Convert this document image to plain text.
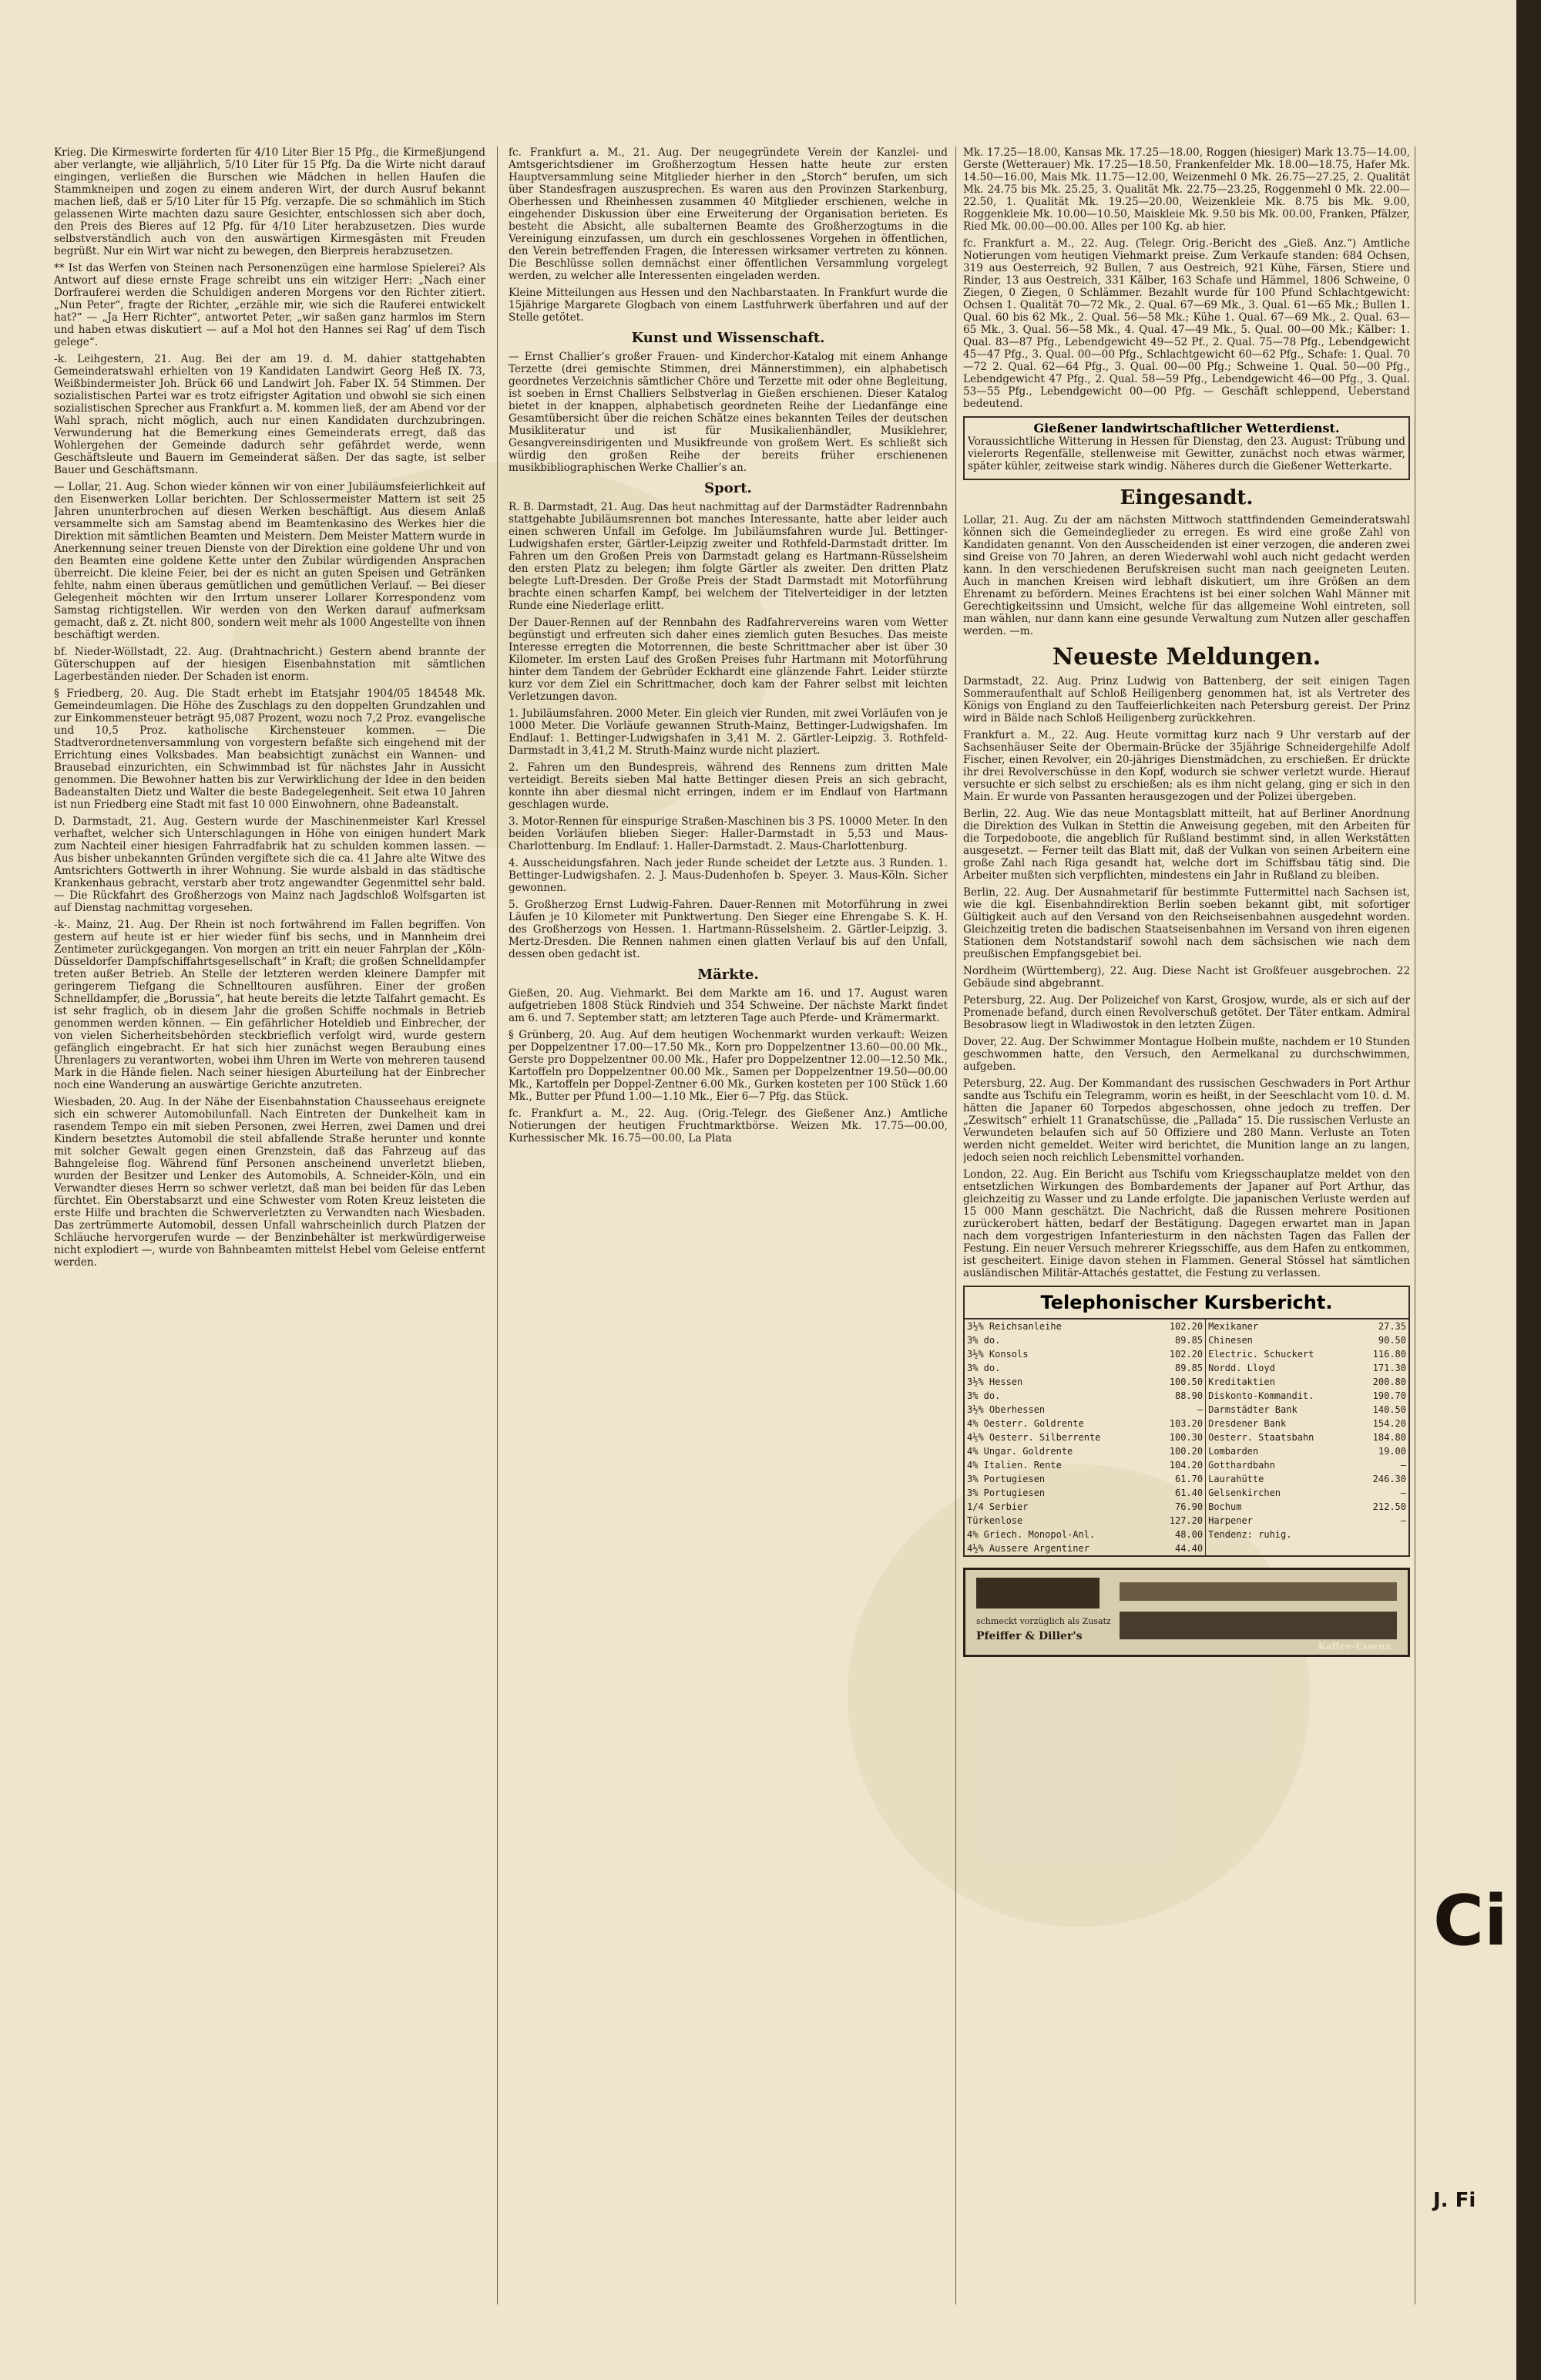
Krieg. Die Kirmeswirte forderten für 4/10 Liter Bier 15 Pfg., die Kirmeßjungend aber verlangte, wie alljährlich, 5/10 Liter für 15 Pfg. Da die Wirte nicht darauf eingingen, verließen die Burschen wie Mädchen in hellen Haufen die Stammkneipen und zogen zu einem anderen Wirt, der durch Ausruf bekannt machen ließ, daß er 5/10 Liter für 15 Pfg. verzapfe. Die so schmählich im Stich gelassenen Wirte machten dazu saure Gesichter, entschlossen sich aber doch, den Preis des Bieres auf 12 Pfg. für 4/10 Liter herabzusetzen. Dies wurde selbstverständlich auch von den auswärtigen Kirmesgästen mit Freuden begrüßt. Nur ein Wirt war nicht zu bewegen, den Bierpreis herabzusetzen.

** Ist das Werfen von Steinen nach Personenzügen eine harmlose Spielerei? Als Antwort auf diese ernste Frage schreibt uns ein witziger Herr: „Nach einer Dorfrauferei werden die Schuldigen anderen Morgens vor den Richter zitiert. „Nun Peter“, fragte der Richter, „erzähle mir, wie sich die Rauferei entwickelt hat?“ — „Ja Herr Richter“, antwortet Peter, „wir saßen ganz harmlos im Stern und haben etwas diskutiert — auf a Mol hot den Hannes sei Rag’ uf dem Tisch gelege“.

-k. Leihgestern, 21. Aug. Bei der am 19. d. M. dahier stattgehabten Gemeinderatswahl erhielten von 19 Kandidaten Landwirt Georg Heß IX. 73, Weißbindermeister Joh. Brück 66 und Landwirt Joh. Faber IX. 54 Stimmen. Der sozialistischen Partei war es trotz eifrigster Agitation und obwohl sie sich einen sozialistischen Sprecher aus Frankfurt a. M. kommen ließ, der am Abend vor der Wahl sprach, nicht möglich, auch nur einen Kandidaten durchzubringen. Verwunderung hat die Bemerkung eines Gemeinderats erregt, daß das Wohlergehen der Gemeinde dadurch sehr gefährdet werde, wenn Geschäftsleute und Bauern im Gemeinderat säßen. Der das sagte, ist selber Bauer und Geschäftsmann.

— Lollar, 21. Aug. Schon wieder können wir von einer Jubiläumsfeierlichkeit auf den Eisenwerken Lollar berichten. Der Schlossermeister Mattern ist seit 25 Jahren ununterbrochen auf diesen Werken beschäftigt. Aus diesem Anlaß versammelte sich am Samstag abend im Beamtenkasino des Werkes hier die Direktion mit sämtlichen Beamten und Meistern. Dem Meister Mattern wurde in Anerkennung seiner treuen Dienste von der Direktion eine goldene Uhr und von den Beamten eine goldene Kette unter den Zubilar würdigenden Ansprachen überreicht. Die kleine Feier, bei der es nicht an guten Speisen und Getränken fehlte, nahm einen überaus gemütlichen und gemütlichen Verlauf. — Bei dieser Gelegenheit möchten wir den Irrtum unserer Lollarer Korrespondenz vom Samstag richtigstellen. Wir werden von den Werken darauf aufmerksam gemacht, daß z. Zt. nicht 800, sondern weit mehr als 1000 Angestellte von ihnen beschäftigt werden.

bf. Nieder-Wöllstadt, 22. Aug. (Drahtnachricht.) Gestern abend brannte der Güterschuppen auf der hiesigen Eisenbahnstation mit sämtlichen Lagerbeständen nieder. Der Schaden ist enorm.

§ Friedberg, 20. Aug. Die Stadt erhebt im Etatsjahr 1904/05 184548 Mk. Gemeindeumlagen. Die Höhe des Zuschlags zu den doppelten Grundzahlen und zur Einkommensteuer beträgt 95,087 Prozent, wozu noch 7,2 Proz. evangelische und 10,5 Proz. katholische Kirchensteuer kommen. — Die Stadtverordnetenversammlung von vorgestern befaßte sich eingehend mit der Errichtung eines Volksbades. Man beabsichtigt zunächst ein Wannen- und Brausebad einzurichten, ein Schwimmbad ist für nächstes Jahr in Aussicht genommen. Die Bewohner hatten bis zur Verwirklichung der Idee in den beiden Badeanstalten Dietz und Walter die beste Badegelegenheit. Seit etwa 10 Jahren ist nun Friedberg eine Stadt mit fast 10 000 Einwohnern, ohne Badeanstalt.

D. Darmstadt, 21. Aug. Gestern wurde der Maschinenmeister Karl Kressel verhaftet, welcher sich Unterschlagungen in Höhe von einigen hundert Mark zum Nachteil einer hiesigen Fahrradfabrik hat zu schulden kommen lassen. — Aus bisher unbekannten Gründen vergiftete sich die ca. 41 Jahre alte Witwe des Amtsrichters Gottwerth in ihrer Wohnung. Sie wurde alsbald in das städtische Krankenhaus gebracht, verstarb aber trotz angewandter Gegenmittel sehr bald. — Die Rückfahrt des Großherzogs von Mainz nach Jagdschloß Wolfsgarten ist auf Dienstag nachmittag vorgesehen.

-k-. Mainz, 21. Aug. Der Rhein ist noch fortwährend im Fallen begriffen. Von gestern auf heute ist er hier wieder fünf bis sechs, und in Mannheim drei Zentimeter zurückgegangen. Von morgen an tritt ein neuer Fahrplan der „Köln-Düsseldorfer Dampfschiffahrtsgesellschaft“ in Kraft; die großen Schnelldampfer treten außer Betrieb. An Stelle der letzteren werden kleinere Dampfer mit geringerem Tiefgang die Schnelltouren ausführen. Einer der großen Schnelldampfer, die „Borussia“, hat heute bereits die letzte Talfahrt gemacht. Es ist sehr fraglich, ob in diesem Jahr die großen Schiffe nochmals in Betrieb genommen werden können. — Ein gefährlicher Hoteldieb und Einbrecher, der von vielen Sicherheitsbehörden steckbrieflich verfolgt wird, wurde gestern gefänglich eingebracht. Er hat sich hier zunächst wegen Beraubung eines Uhrenlagers zu verantworten, wobei ihm Uhren im Werte von mehreren tausend Mark in die Hände fielen. Nach seiner hiesigen Aburteilung hat der Einbrecher noch eine Wanderung an auswärtige Gerichte anzutreten.

Wiesbaden, 20. Aug. In der Nähe der Eisenbahnstation Chausseehaus ereignete sich ein schwerer Automobilunfall. Nach Eintreten der Dunkelheit kam in rasendem Tempo ein mit sieben Personen, zwei Herren, zwei Damen und drei Kindern besetztes Automobil die steil abfallende Straße herunter und konnte mit solcher Gewalt gegen einen Grenzstein, daß das Fahrzeug auf das Bahngeleise flog. Während fünf Personen anscheinend unverletzt blieben, wurden der Besitzer und Lenker des Automobils, A. Schneider-Köln, und ein Verwandter dieses Herrn so schwer verletzt, daß man bei beiden für das Leben fürchtet. Ein Oberstabsarzt und eine Schwester vom Roten Kreuz leisteten die erste Hilfe und brachten die Schwerverletzten zu Verwandten nach Wiesbaden. Das zertrümmerte Automobil, dessen Unfall wahrscheinlich durch Platzen der Schläuche hervorgerufen wurde — der Benzinbehälter ist merkwürdigerweise nicht explodiert —, wurde von Bahnbeamten mittelst Hebel vom Geleise entfernt werden.

fc. Frankfurt a. M., 21. Aug. Der neugegründete Verein der Kanzlei- und Amtsgerichtsdiener im Großherzogtum Hessen hatte heute zur ersten Hauptversammlung seine Mitglieder hierher in den „Storch“ berufen, um sich über Standesfragen auszusprechen. Es waren aus den Provinzen Starkenburg, Oberhessen und Rheinhessen zusammen 40 Mitglieder erschienen, welche in eingehender Diskussion über eine Erweiterung der Organisation berieten. Es besteht die Absicht, alle subalternen Beamte des Großherzogtums in die Vereinigung einzufassen, um durch ein geschlossenes Vorgehen in öffentlichen, den Verein betreffenden Fragen, die Interessen wirksamer vertreten zu können. Die Beschlüsse sollen demnächst einer öffentlichen Versammlung vorgelegt werden, zu welcher alle Interessenten eingeladen werden.

Kleine Mitteilungen aus Hessen und den Nachbarstaaten. In Frankfurt wurde die 15jährige Margarete Glogbach von einem Lastfuhrwerk überfahren und auf der Stelle getötet.

Kunst und Wissenschaft.

— Ernst Challier’s großer Frauen- und Kinderchor-Katalog mit einem Anhange Terzette (drei gemischte Stimmen, drei Männerstimmen), ein alphabetisch geordnetes Verzeichnis sämtlicher Chöre und Terzette mit oder ohne Begleitung, ist soeben in Ernst Challiers Selbstverlag in Gießen erschienen. Dieser Katalog bietet in der knappen, alphabetisch geordneten Reihe der Liedanfänge eine Gesamtübersicht über die reichen Schätze eines bekannten Teiles der deutschen Musikliteratur und ist für Musikalienhändler, Musiklehrer, Gesangvereinsdirigenten und Musikfreunde von großem Wert. Es schließt sich würdig den großen Reihe der bereits früher erschienenen musikbibliographischen Werke Challier’s an.

Sport.

R. B. Darmstadt, 21. Aug. Das heut nachmittag auf der Darmstädter Radrennbahn stattgehabte Jubiläumsrennen bot manches Interessante, hatte aber leider auch einen schweren Unfall im Gefolge. Im Jubiläumsfahren wurde Jul. Bettinger-Ludwigshafen erster, Gärtler-Leipzig zweiter und Rothfeld-Darmstadt dritter. Im Fahren um den Großen Preis von Darmstadt gelang es Hartmann-Rüsselsheim den ersten Platz zu belegen; ihm folgte Gärtler als zweiter. Den dritten Platz belegte Luft-Dresden. Der Große Preis der Stadt Darmstadt mit Motorführung brachte einen scharfen Kampf, bei welchem der Titelverteidiger in der letzten Runde eine Niederlage erlitt.

Der Dauer-Rennen auf der Rennbahn des Radfahrervereins waren vom Wetter begünstigt und erfreuten sich daher eines ziemlich guten Besuches. Das meiste Interesse erregten die Motorrennen, die beste Schrittmacher aber ist über 30 Kilometer. Im ersten Lauf des Großen Preises fuhr Hartmann mit Motorführung hinter dem Tandem der Gebrüder Eckhardt eine glänzende Fahrt. Leider stürzte kurz vor dem Ziel ein Schrittmacher, doch kam der Fahrer selbst mit leichten Verletzungen davon.

1. Jubiläumsfahren. 2000 Meter. Ein gleich vier Runden, mit zwei Vorläufen von je 1000 Meter. Die Vorläufe gewannen Struth-Mainz, Bettinger-Ludwigshafen. Im Endlauf: 1. Bettinger-Ludwigshafen in 3,41 M. 2. Gärtler-Leipzig. 3. Rothfeld-Darmstadt in 3,41,2 M. Struth-Mainz wurde nicht plaziert.

2. Fahren um den Bundespreis, während des Rennens zum dritten Male verteidigt. Bereits sieben Mal hatte Bettinger diesen Preis an sich gebracht, konnte ihn aber diesmal nicht erringen, indem er im Endlauf von Hartmann geschlagen wurde.

3. Motor-Rennen für einspurige Straßen-Maschinen bis 3 PS. 10000 Meter. In den beiden Vorläufen blieben Sieger: Haller-Darmstadt in 5,53 und Maus-Charlottenburg. Im Endlauf: 1. Haller-Darmstadt. 2. Maus-Charlottenburg.

4. Ausscheidungsfahren. Nach jeder Runde scheidet der Letzte aus. 3 Runden. 1. Bettinger-Ludwigshafen. 2. J. Maus-Dudenhofen b. Speyer. 3. Maus-Köln. Sicher gewonnen.

5. Großherzog Ernst Ludwig-Fahren. Dauer-Rennen mit Motorführung in zwei Läufen je 10 Kilometer mit Punktwertung. Den Sieger eine Ehrengabe S. K. H. des Großherzogs von Hessen. 1. Hartmann-Rüsselsheim. 2. Gärtler-Leipzig. 3. Mertz-Dresden. Die Rennen nahmen einen glatten Verlauf bis auf den Unfall, dessen oben gedacht ist.

Märkte.

Gießen, 20. Aug. Viehmarkt. Bei dem Markte am 16. und 17. August waren aufgetrieben 1808 Stück Rindvieh und 354 Schweine. Der nächste Markt findet am 6. und 7. September statt; am letzteren Tage auch Pferde- und Krämermarkt.

§ Grünberg, 20. Aug. Auf dem heutigen Wochenmarkt wurden verkauft: Weizen per Doppelzentner 17.00—17.50 Mk., Korn pro Doppelzentner 13.60—00.00 Mk., Gerste pro Doppelzentner 00.00 Mk., Hafer pro Doppelzentner 12.00—12.50 Mk., Kartoffeln pro Doppelzentner 00.00 Mk., Samen per Doppelzentner 19.50—00.00 Mk., Kartoffeln per Doppel-Zentner 6.00 Mk., Gurken kosteten per 100 Stück 1.60 Mk., Butter per Pfund 1.00—1.10 Mk., Eier 6—7 Pfg. das Stück.

fc. Frankfurt a. M., 22. Aug. (Orig.-Telegr. des Gießener Anz.) Amtliche Notierungen der heutigen Fruchtmarktbörse. Weizen Mk. 17.75—00.00, Kurhessischer Mk. 16.75—00.00, La Plata

Mk. 17.25—18.00, Kansas Mk. 17.25—18.00, Roggen (hiesiger) Mark 13.75—14.00, Gerste (Wetterauer) Mk. 17.25—18.50, Frankenfelder Mk. 18.00—18.75, Hafer Mk. 14.50—16.00, Mais Mk. 11.75—12.00, Weizenmehl 0 Mk. 26.75—27.25, 2. Qualität Mk. 24.75 bis Mk. 25.25, 3. Qualität Mk. 22.75—23.25, Roggenmehl 0 Mk. 22.00—22.50, 1. Qualität Mk. 19.25—20.00, Weizenkleie Mk. 8.75 bis Mk. 9.00, Roggenkleie Mk. 10.00—10.50, Maiskleie Mk. 9.50 bis Mk. 00.00, Franken, Pfälzer, Ried Mk. 00.00—00.00. Alles per 100 Kg. ab hier.

fc. Frankfurt a. M., 22. Aug. (Telegr. Orig.-Bericht des „Gieß. Anz.“) Amtliche Notierungen vom heutigen Viehmarkt preise. Zum Verkaufe standen: 684 Ochsen, 319 aus Oesterreich, 92 Bullen, 7 aus Oestreich, 921 Kühe, Färsen, Stiere und Rinder, 13 aus Oestreich, 331 Kälber, 163 Schafe und Hämmel, 1806 Schweine, 0 Ziegen, 0 Ziegen, 0 Schlämmer. Bezahlt wurde für 100 Pfund Schlachtgewicht: Ochsen 1. Qualität 70—72 Mk., 2. Qual. 67—69 Mk., 3. Qual. 61—65 Mk.; Bullen 1. Qual. 60 bis 62 Mk., 2. Qual. 56—58 Mk.; Kühe 1. Qual. 67—69 Mk., 2. Qual. 63—65 Mk., 3. Qual. 56—58 Mk., 4. Qual. 47—49 Mk., 5. Qual. 00—00 Mk.; Kälber: 1. Qual. 83—87 Pfg., Lebendgewicht 49—52 Pf., 2. Qual. 75—78 Pfg., Lebendgewicht 45—47 Pfg., 3. Qual. 00—00 Pfg., Schlachtgewicht 60—62 Pfg., Schafe: 1. Qual. 70—72 2. Qual. 62—64 Pfg., 3. Qual. 00—00 Pfg.; Schweine 1. Qual. 50—00 Pfg., Lebendgewicht 47 Pfg., 2. Qual. 58—59 Pfg., Lebendgewicht 46—00 Pfg., 3. Qual. 53—55 Pfg., Lebendgewicht 00—00 Pfg. — Geschäft schleppend, Ueberstand bedeutend.

Gießener landwirtschaftlicher Wetterdienst.

Voraussichtliche Witterung in Hessen für Dienstag, den 23. August: Trübung und vielerorts Regenfälle, stellenweise mit Gewitter, zunächst noch etwas wärmer, später kühler, zeitweise stark windig. Näheres durch die Gießener Wetterkarte.

Eingesandt.

Lollar, 21. Aug. Zu der am nächsten Mittwoch stattfindenden Gemeinderatswahl können sich die Gemeindeglieder zu erregen. Es wird eine große Zahl von Kandidaten genannt. Von den Ausscheidenden ist einer verzogen, die anderen zwei sind Greise von 70 Jahren, an deren Wiederwahl wohl auch nicht gedacht werden kann. In den verschiedenen Berufskreisen sucht man nach geeigneten Leuten. Auch in manchen Kreisen wird lebhaft diskutiert, um ihre Größen an dem Ehrenamt zu befördern. Meines Erachtens ist bei einer solchen Wahl Männer mit Gerechtigkeitssinn und Umsicht, welche für das allgemeine Wohl eintreten, soll man wählen, nur dann kann eine gesunde Verwaltung zum Nutzen aller geschaffen werden. —m.

Neueste Meldungen.

Darmstadt, 22. Aug. Prinz Ludwig von Battenberg, der seit einigen Tagen Sommeraufenthalt auf Schloß Heiligenberg genommen hat, ist als Vertreter des Königs von England zu den Tauffeierlichkeiten nach Petersburg gereist. Der Prinz wird in Bälde nach Schloß Heiligenberg zurückkehren.

Frankfurt a. M., 22. Aug. Heute vormittag kurz nach 9 Uhr verstarb auf der Sachsenhäuser Seite der Obermain-Brücke der 35jährige Schneidergehilfe Adolf Fischer, einen Revolver, ein 20-jähriges Dienstmädchen, zu erschießen. Er drückte ihr drei Revolverschüsse in den Kopf, wodurch sie schwer verletzt wurde. Hierauf versuchte er sich selbst zu erschießen; als es ihm nicht gelang, ging er sich in den Main. Er wurde von Passanten herausgezogen und der Polizei übergeben.

Berlin, 22. Aug. Wie das neue Montagsblatt mitteilt, hat auf Berliner Anordnung die Direktion des Vulkan in Stettin die Anweisung gegeben, mit den Arbeiten für die Torpedoboote, die angeblich für Rußland bestimmt sind, in allen Werkstätten ausgesetzt. — Ferner teilt das Blatt mit, daß der Vulkan von seinen Arbeitern eine große Zahl nach Riga gesandt hat, welche dort im Schiffsbau tätig sind. Die Arbeiter mußten sich verpflichten, mindestens ein Jahr in Rußland zu bleiben.

Berlin, 22. Aug. Der Ausnahmetarif für bestimmte Futtermittel nach Sachsen ist, wie die kgl. Eisenbahndirektion Berlin soeben bekannt gibt, mit sofortiger Gültigkeit auch auf den Versand von den Reichseisenbahnen ausgedehnt worden. Gleichzeitig treten die badischen Staatseisenbahnen im Versand von ihren eigenen Stationen dem Notstandstarif sowohl nach dem sächsischen wie nach dem preußischen Empfangsgebiet bei.

Nordheim (Württemberg), 22. Aug. Diese Nacht ist Großfeuer ausgebrochen. 22 Gebäude sind abgebrannt.

Petersburg, 22. Aug. Der Polizeichef von Karst, Grosjow, wurde, als er sich auf der Promenade befand, durch einen Revolverschuß getötet. Der Täter entkam. Admiral Besobrasow liegt in Wladiwostok in den letzten Zügen.

Dover, 22. Aug. Der Schwimmer Montague Holbein mußte, nachdem er 10 Stunden geschwommen hatte, den Versuch, den Aermelkanal zu durchschwimmen, aufgeben.

Petersburg, 22. Aug. Der Kommandant des russischen Geschwaders in Port Arthur sandte aus Tschifu ein Telegramm, worin es heißt, in der Seeschlacht vom 10. d. M. hätten die Japaner 60 Torpedos abgeschossen, ohne jedoch zu treffen. Der „Zeswitsch“ erhielt 11 Granatschüsse, die „Pallada“ 15. Die russischen Verluste an Verwundeten belaufen sich auf 50 Offiziere und 280 Mann. Verluste an Toten werden nicht gemeldet. Weiter wird berichtet, die Munition lange an zu langen, jedoch seien noch reichlich Lebensmittel vorhanden.

London, 22. Aug. Ein Bericht aus Tschifu vom Kriegsschauplatze meldet von den entsetzlichen Wirkungen des Bombardements der Japaner auf Port Arthur, das gleichzeitig zu Wasser und zu Lande erfolgte. Die japanischen Verluste werden auf 15 000 Mann geschätzt. Die Nachricht, daß die Russen mehrere Positionen zurückerobert hätten, bedarf der Bestätigung. Dagegen erwartet man in Japan nach dem vorgestrigen Infanteriesturm in den nächsten Tagen das Fallen der Festung. Ein neuer Versuch mehrerer Kriegsschiffe, aus dem Hafen zu entkommen, ist gescheitert. Einige davon stehen in Flammen. General Stössel hat sämtlichen ausländischen Militär-Attachés gestattet, die Festung zu verlassen.

Telephonischer Kursbericht.
3½% Reichsanleihe	102.20	Mexikaner	27.35
3% do.	89.85	Chinesen	90.50
3½% Konsols	102.20	Electric. Schuckert	116.80
3% do.	89.85	Nordd. Lloyd	171.30
3½% Hessen	100.50	Kreditaktien	200.80
3% do.	88.90	Diskonto-Kommandit.	190.70
3½% Oberhessen	—	Darmstädter Bank	140.50
4% Oesterr. Goldrente	103.20	Dresdener Bank	154.20
4⅕% Oesterr. Silberrente	100.30	Oesterr. Staatsbahn	184.80
4% Ungar. Goldrente	100.20	Lombarden	19.00
4% Italien. Rente	104.20	Gotthardbahn	—
3% Portugiesen	61.70	Laurahütte	246.30
3% Portugiesen	61.40	Gelsenkirchen	—
1/4 Serbier	76.90	Bochum	212.50
Türkenlose	127.20	Harpener	—
4% Griech. Monopol-Anl.	48.00	Tendenz: ruhig.	
4½% Aussere Argentiner	44.40		
schmeckt vorzüglich als Zusatz
Pfeiffer & Diller's
Kaffee-Essenz.
Ci
J. Fi
